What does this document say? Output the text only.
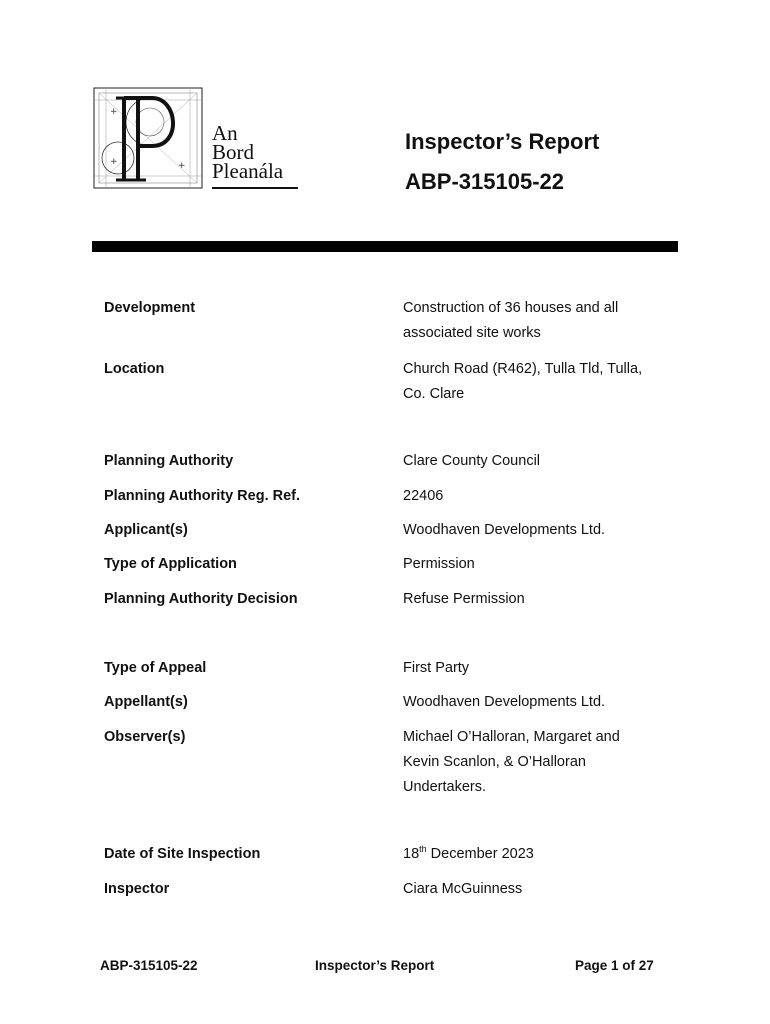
+
+	+
An
Bord
Pleanála
Inspector’s Report
ABP-315105-22
Development	Construction of 36 houses and all
associated site works
Location	Church Road (R462), Tulla Tld, Tulla,
Co. Clare
Planning Authority	Clare County Council
Planning Authority Reg. Ref.	22406
Applicant(s)	Woodhaven Developments Ltd.
Type of Application	Permission
Planning Authority Decision	Refuse Permission
Type of Appeal	First Party
Appellant(s)	Woodhaven Developments Ltd.
Observer(s)	Michael O’Halloran, Margaret and
Kevin Scanlon, & O’Halloran
Undertakers.
Date of Site Inspection	18th December 2023
Inspector	Ciara McGuinness
ABP-315105-22	Inspector’s Report	Page 1 of 27
